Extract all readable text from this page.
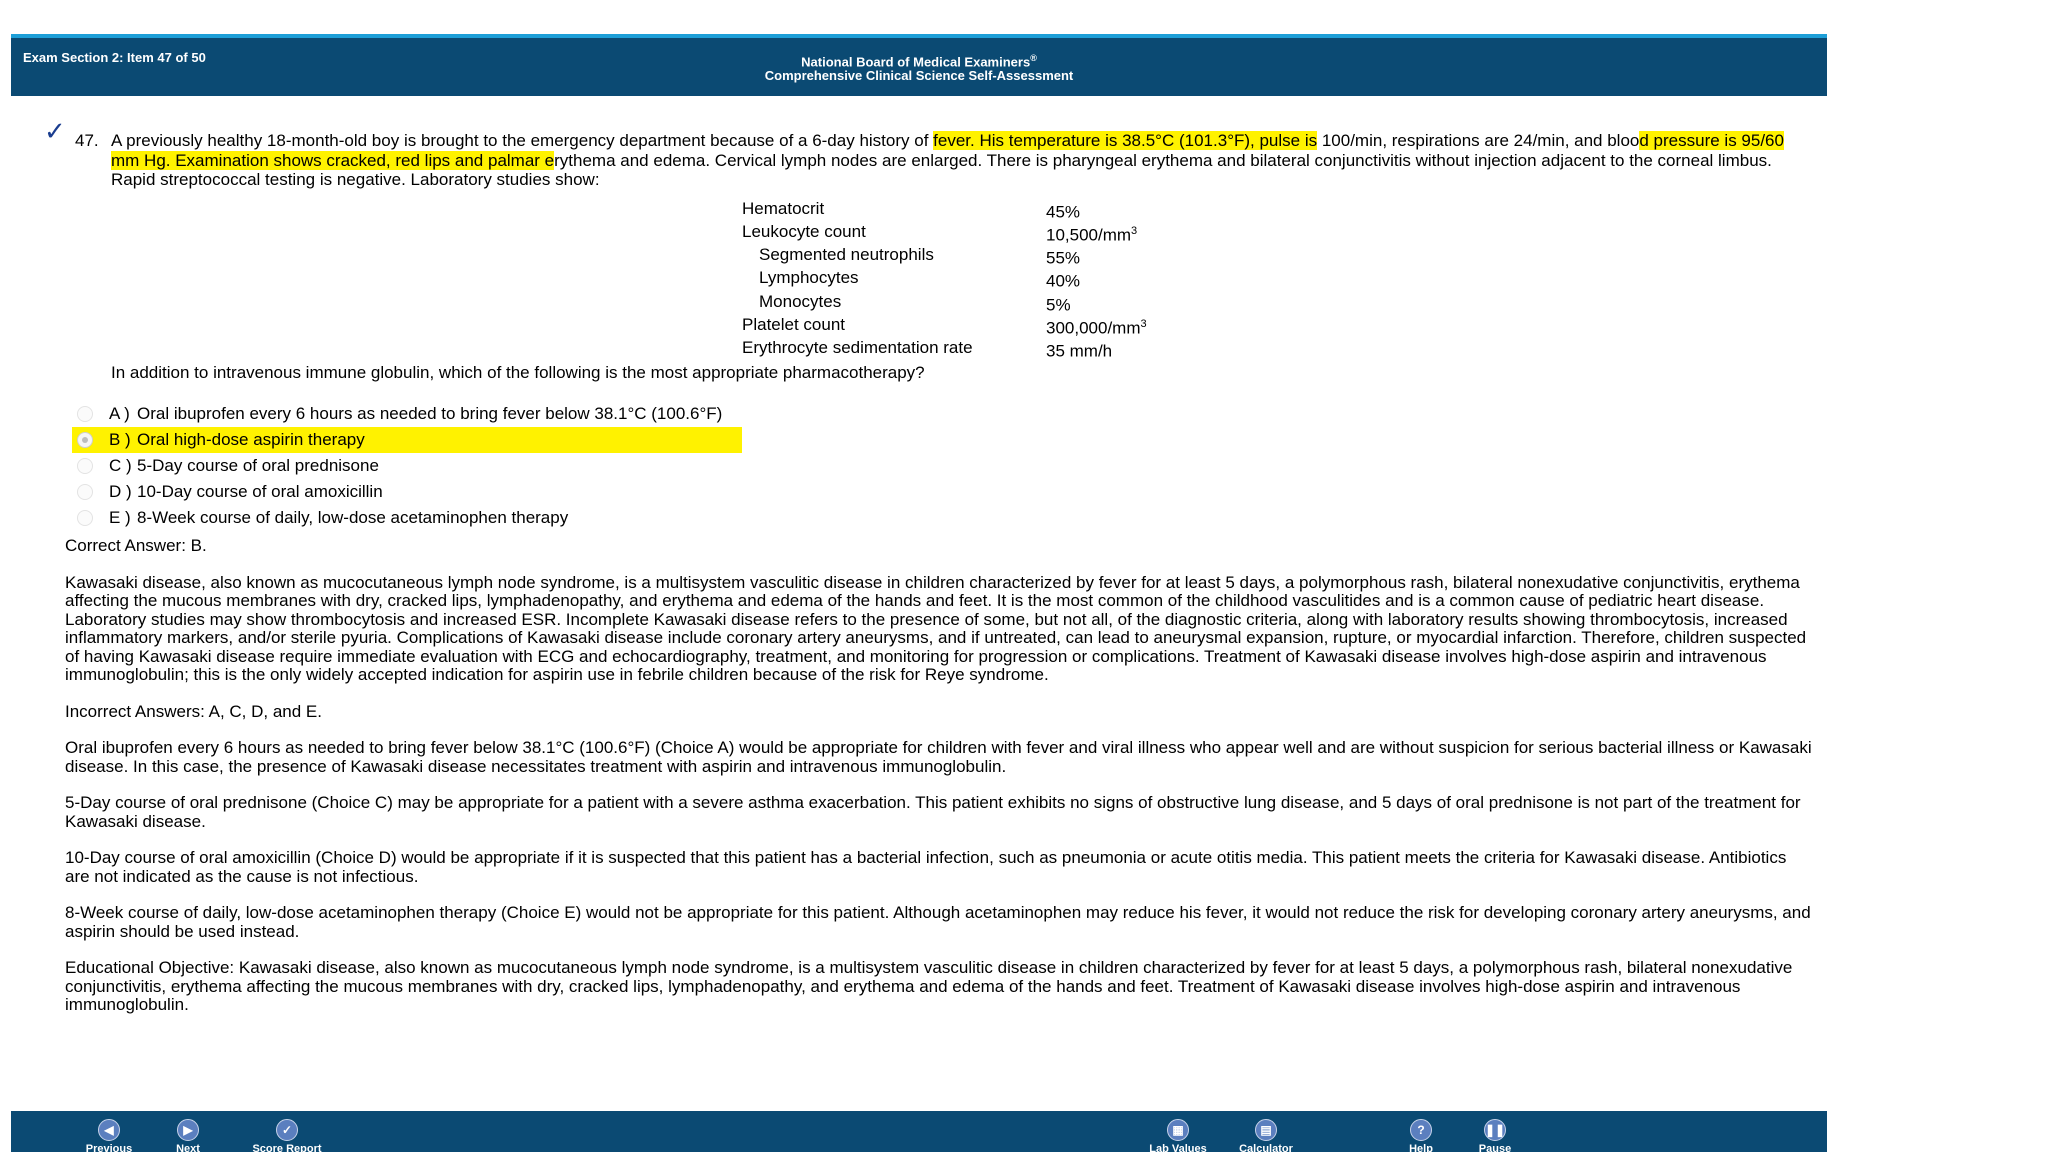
Exam Section 2: Item 47 of 50	National Board of Medical Examiners®
Comprehensive Clinical Science Self-Assessment
✓ 47. A previously healthy 18-month-old boy is brought to the emergency department because of a 6-day history of fever. His temperature is 38.5°C (101.3°F), pulse is 100/min, respirations are 24/min, and blood pressure is 95/60 mm Hg. Examination shows cracked, red lips and palmar erythema and edema. Cervical lymph nodes are enlarged. There is pharyngeal erythema and bilateral conjunctivitis without injection adjacent to the corneal limbus. Rapid streptococcal testing is negative. Laboratory studies show:
Hematocrit	45%
Leukocyte count	$10,500/mm^3$
Segmented neutrophils	55%
Lymphocytes	40%
Monocytes	5%
Platelet count	$300,000/mm^3$
Erythrocyte sedimentation rate	35 mm/h
In addition to intravenous immune globulin, which of the following is the most appropriate pharmacotherapy?
A ) Oral ibuprofen every 6 hours as needed to bring fever below 38.1°C (100.6°F)
B ) Oral high-dose aspirin therapy
C ) 5-Day course of oral prednisone
D ) 10-Day course of oral amoxicillin
E ) 8-Week course of daily, low-dose acetaminophen therapy

Correct Answer: B.

Kawasaki disease, also known as mucocutaneous lymph node syndrome, is a multisystem vasculitic disease in children characterized by fever for at least 5 days, a polymorphous rash, bilateral nonexudative conjunctivitis, erythema affecting the mucous membranes with dry, cracked lips, lymphadenopathy, and erythema and edema of the hands and feet. It is the most common of the childhood vasculitides and is a common cause of pediatric heart disease. Laboratory studies may show thrombocytosis and increased ESR. Incomplete Kawasaki disease refers to the presence of some, but not all, of the diagnostic criteria, along with laboratory results showing thrombocytosis, increased inflammatory markers, and/or sterile pyuria. Complications of Kawasaki disease include coronary artery aneurysms, and if untreated, can lead to aneurysmal expansion, rupture, or myocardial infarction. Therefore, children suspected of having Kawasaki disease require immediate evaluation with ECG and echocardiography, treatment, and monitoring for progression or complications. Treatment of Kawasaki disease involves high-dose aspirin and intravenous immunoglobulin; this is the only widely accepted indication for aspirin use in febrile children because of the risk for Reye syndrome.

Incorrect Answers: A, C, D, and E.

Oral ibuprofen every 6 hours as needed to bring fever below 38.1°C (100.6°F) (Choice A) would be appropriate for children with fever and viral illness who appear well and are without suspicion for serious bacterial illness or Kawasaki disease. In this case, the presence of Kawasaki disease necessitates treatment with aspirin and intravenous immunoglobulin.

5-Day course of oral prednisone (Choice C) may be appropriate for a patient with a severe asthma exacerbation. This patient exhibits no signs of obstructive lung disease, and 5 days of oral prednisone is not part of the treatment for Kawasaki disease.

10-Day course of oral amoxicillin (Choice D) would be appropriate if it is suspected that this patient has a bacterial infection, such as pneumonia or acute otitis media. This patient meets the criteria for Kawasaki disease. Antibiotics are not indicated as the cause is not infectious.

8-Week course of daily, low-dose acetaminophen therapy (Choice E) would not be appropriate for this patient. Although acetaminophen may reduce his fever, it would not reduce the risk for developing coronary artery aneurysms, and aspirin should be used instead.

Educational Objective: Kawasaki disease, also known as mucocutaneous lymph node syndrome, is a multisystem vasculitic disease in children characterized by fever for at least 5 days, a polymorphous rash, bilateral nonexudative conjunctivitis, erythema affecting the mucous membranes with dry, cracked lips, lymphadenopathy, and erythema and edema of the hands and feet. Treatment of Kawasaki disease involves high-dose aspirin and intravenous immunoglobulin.

◀
Previous
▶
Next
✓
Score Report
▦
Lab Values
▤
Calculator
?
Help
❚❚
Pause
